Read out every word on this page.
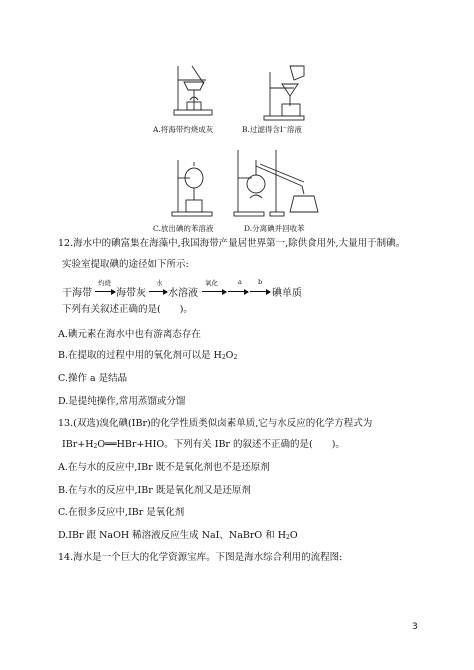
A.将海带灼烧成灰	B.过滤得含I⁻溶液
C.放出碘的苯溶液	D.分离碘并回收苯
12.海水中的碘富集在海藻中,我国海带产量居世界第一,除供食用外,大量用于制碘。
实验室提取碘的途径如下所示:
干海带
灼烧
海带灰
水
水溶液
氧化	a b
碘单质
下列有关叙述正确的是(　　)。
A.碘元素在海水中也有游离态存在
B.在提取的过程中用的氧化剂可以是 $H_2O_2$
C.操作 a 是结晶
D.是提纯操作,常用蒸馏或分馏
13.(双选)溴化碘(IBr)的化学性质类似卤素单质,它与水反应的化学方程式为
$IBr+H_2O══HBr+HIO$。下列有关 IBr 的叙述不正确的是(　　)。
A.在与水的反应中,IBr 既不是氧化剂也不是还原剂
B.在与水的反应中,IBr 既是氧化剂又是还原剂
C.在很多反应中,IBr 是氧化剂
D.IBr 跟 NaOH 稀溶液反应生成 NaI、NaBrO 和 $H_2O$
14.海水是一个巨大的化学资源宝库。下图是海水综合利用的流程图:
3
